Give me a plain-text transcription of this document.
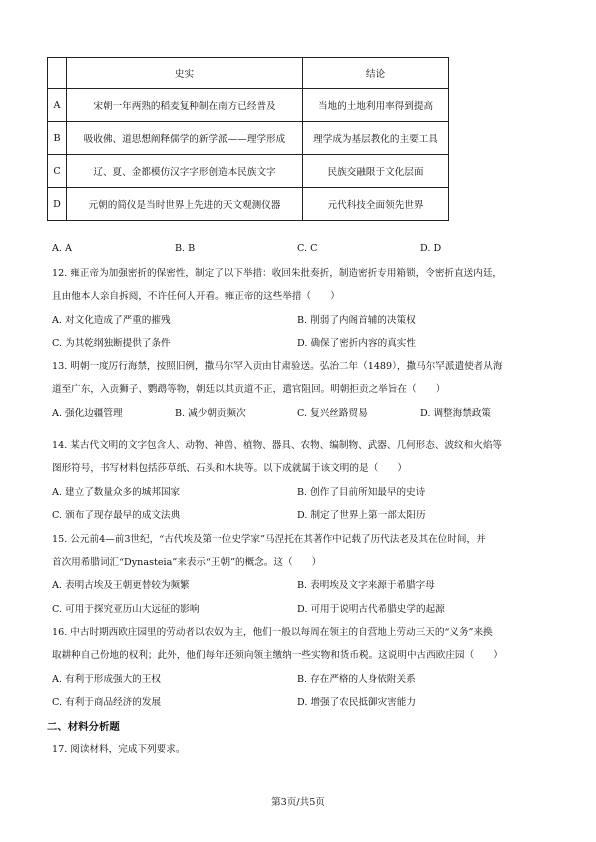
	史实	结论
A	宋朝一年两熟的稻麦复种制在南方已经普及	当地的土地利用率得到提高
B	吸收佛、道思想阐释儒学的新学派——理学形成	理学成为基层教化的主要工具
C	辽、夏、金都模仿汉字字形创造本民族文字	民族交融限于文化层面
D	元朝的简仪是当时世界上先进的天文观测仪器	元代科技全面领先世界
A. A	B. B	C. C	D. D
12. 雍正帝为加强密折的保密性，制定了以下举措：收回朱批奏折，制造密折专用箱锁，令密折直送内廷，
且由他本人亲自拆阅，不许任何人开看。雍正帝的这些举措（　　）
A. 对文化造成了严重的摧残	B. 削弱了内阁首辅的决策权
C. 为其乾纲独断提供了条件	D. 确保了密折内容的真实性
13. 明朝一度厉行海禁，按照旧例，撒马尔罕入贡由甘肃验送。弘治二年（1489），撒马尔罕派遣使者从海
道至广东，入贡狮子、鹦鹉等物，朝廷以其贡道不正，遣官阻回。明朝拒贡之举旨在（　　）
A. 强化边疆管理	B. 减少朝贡频次	C. 复兴丝路贸易	D. 调整海禁政策
14. 某古代文明的文字包含人、动物、神兽、植物、器具、农物、编制物、武器、几何形态、波纹和火焰等
图形符号，书写材料包括莎草纸、石头和木块等。以下成就属于该文明的是（　　）
A. 建立了数量众多的城邦国家	B. 创作了目前所知最早的史诗
C. 颁布了现存最早的成文法典	D. 制定了世界上第一部太阳历
15. 公元前4—前3世纪，“古代埃及第一位史学家”马涅托在其著作中记载了历代法老及其在位时间，并
首次用希腊词汇“Dynasteia”来表示“王朝”的概念。这（　　）
A. 表明古埃及王朝更替较为频繁	B. 表明埃及文字来源于希腊字母
C. 可用于探究亚历山大远征的影响	D. 可用于说明古代希腊史学的起源
16. 中古时期西欧庄园里的劳动者以农奴为主，他们一般以每周在领主的自营地上劳动三天的“义务”来换
取耕种自己份地的权利；此外，他们每年还须向领主缴纳一些实物和货币税。这说明中古西欧庄园（　　）
A. 有利于形成强大的王权	B. 存在严格的人身依附关系
C. 有利于商品经济的发展	D. 增强了农民抵御灾害能力
二、材料分析题
17. 阅读材料，完成下列要求。
第3页/共5页
